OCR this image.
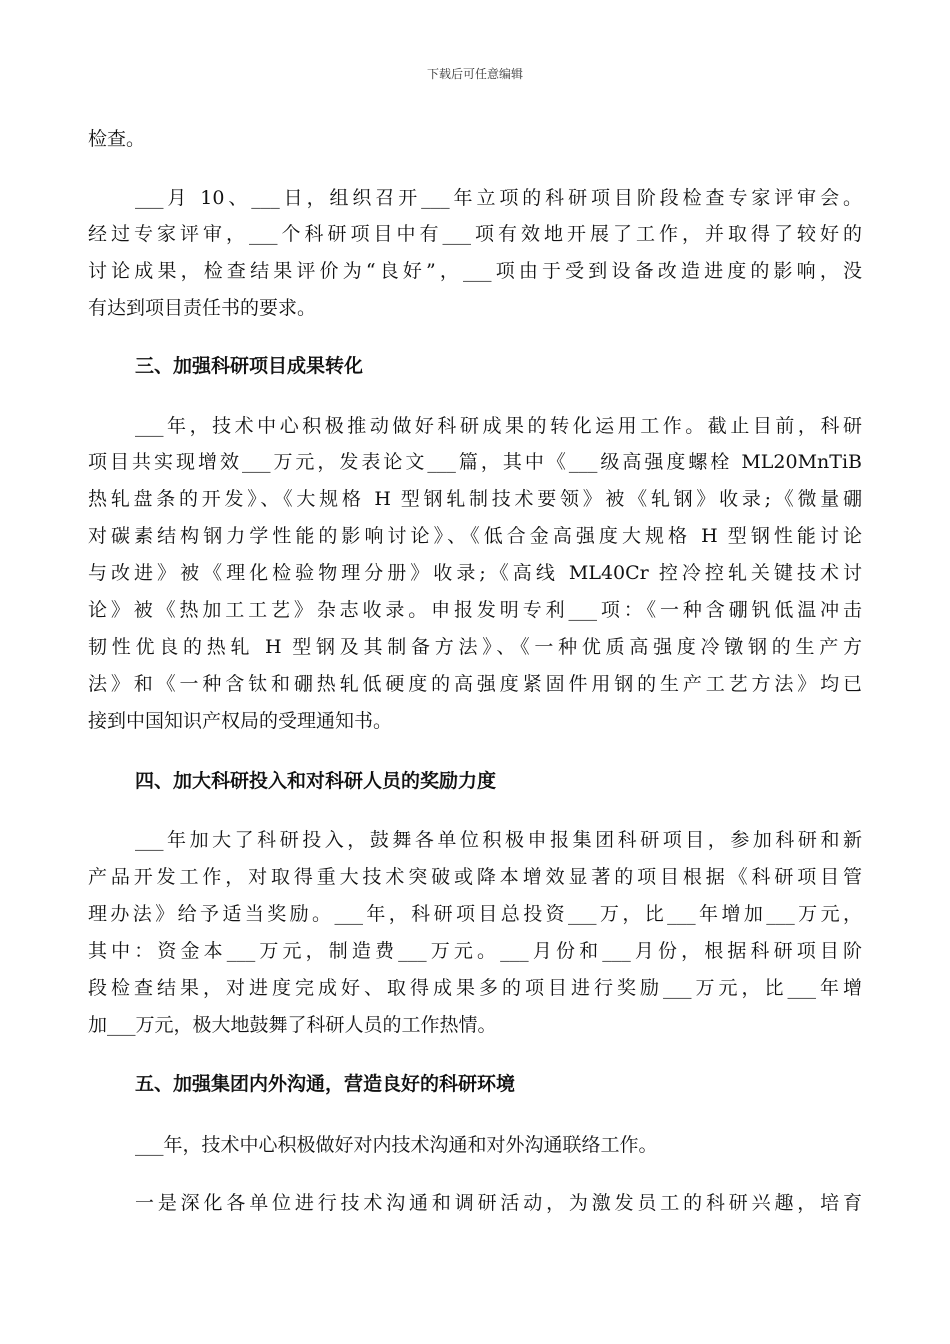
下载后可任意编辑
检查。
___月 10、___日，组织召开___年立项的科研项目阶段检查专家评审会。
经过专家评审，___个科研项目中有___项有效地开展了工作，并取得了较好的
讨论成果，检查结果评价为“良好”，___项由于受到设备改造进度的影响，没
有达到项目责任书的要求。
三、加强科研项目成果转化
___年，技术中心积极推动做好科研成果的转化运用工作。截止目前，科研
项目共实现增效___万元，发表论文___篇，其中《___级高强度螺栓 ML20MnTiB
热轧盘条的开发》、《大规格 H 型钢轧制技术要领》被《轧钢》收录;《微量硼
对碳素结构钢力学性能的影响讨论》、《低合金高强度大规格 H 型钢性能讨论
与改进》被《理化检验物理分册》收录;《高线 ML40Cr 控冷控轧关键技术讨
论》被《热加工工艺》杂志收录。申报发明专利___项：《一种含硼钒低温冲击
韧性优良的热轧 H 型钢及其制备方法》、《一种优质高强度冷镦钢的生产方
法》和《一种含钛和硼热轧低硬度的高强度紧固件用钢的生产工艺方法》均已
接到中国知识产权局的受理通知书。
四、加大科研投入和对科研人员的奖励力度
___年加大了科研投入，鼓舞各单位积极申报集团科研项目，参加科研和新
产品开发工作，对取得重大技术突破或降本增效显著的项目根据《科研项目管
理办法》给予适当奖励。___年，科研项目总投资___万，比___年增加___万元，
其中：资金本___万元，制造费___万元。___月份和___月份，根据科研项目阶
段检查结果，对进度完成好、取得成果多的项目进行奖励___万元，比___年增
加___万元，极大地鼓舞了科研人员的工作热情。
五、加强集团内外沟通，营造良好的科研环境
___年，技术中心积极做好对内技术沟通和对外沟通联络工作。
一是深化各单位进行技术沟通和调研活动，为激发员工的科研兴趣，培育
